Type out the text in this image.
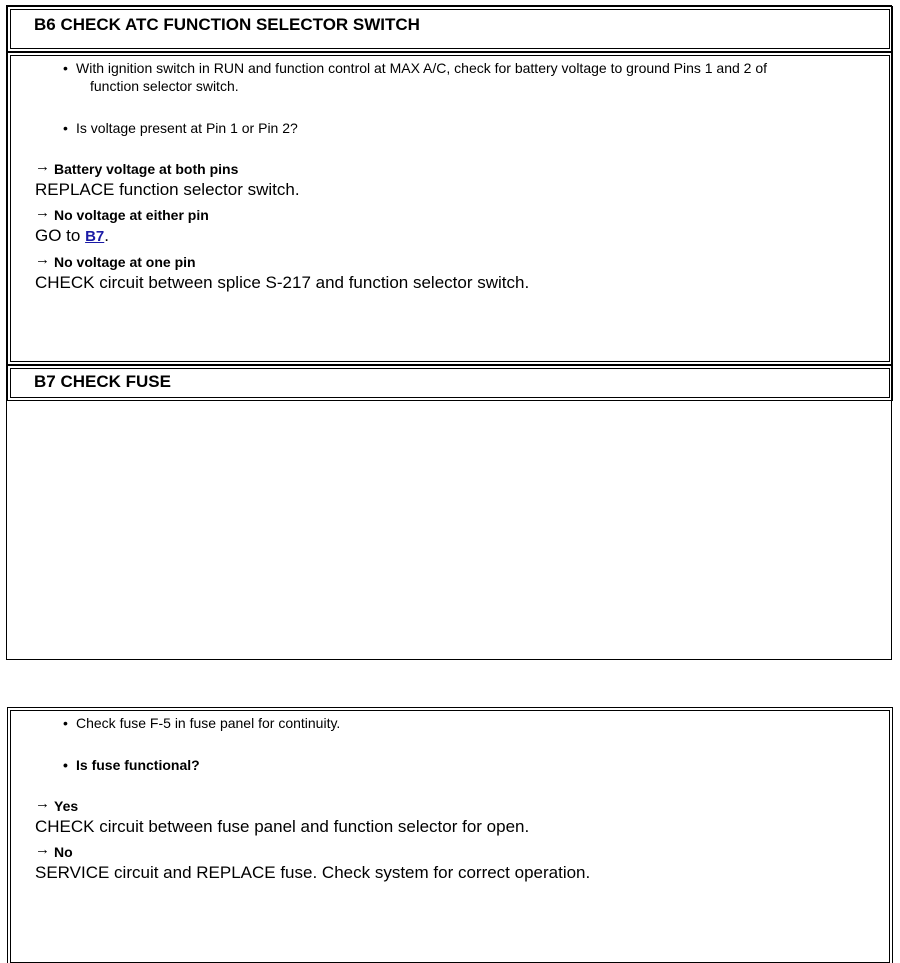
B6 CHECK ATC FUNCTION SELECTOR SWITCH
• With ignition switch in RUN and function control at MAX A/C, check for battery voltage to ground Pins 1 and 2 of
function selector switch.
• Is voltage present at Pin 1 or Pin 2?
→ Battery voltage at both pins
REPLACE function selector switch.
→ No voltage at either pin
GO to B7.
→ No voltage at one pin
CHECK circuit between splice S-217 and function selector switch.
B7 CHECK FUSE
• Check fuse F-5 in fuse panel for continuity.
• Is fuse functional?
→ Yes
CHECK circuit between fuse panel and function selector for open.
→ No
SERVICE circuit and REPLACE fuse. Check system for correct operation.
